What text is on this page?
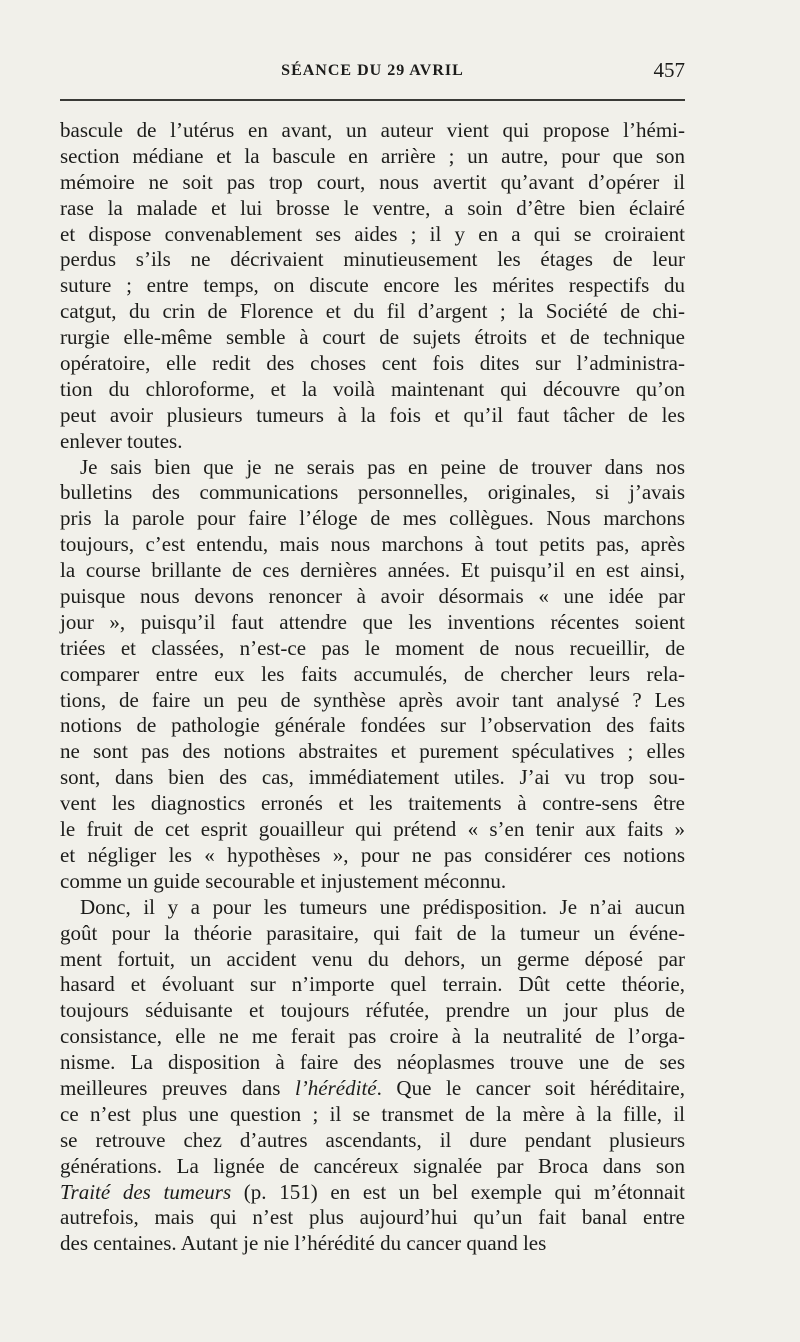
SÉANCE DU 29 AVRIL	457
bascule de l’utérus en avant, un auteur vient qui propose l’hémi-
section médiane et la bascule en arrière ; un autre, pour que son
mémoire ne soit pas trop court, nous avertit qu’avant d’opérer il
rase la malade et lui brosse le ventre, a soin d’être bien éclairé
et dispose convenablement ses aides ; il y en a qui se croiraient
perdus s’ils ne décrivaient minutieusement les étages de leur
suture ; entre temps, on discute encore les mérites respectifs du
catgut, du crin de Florence et du fil d’argent ; la Société de chi-
rurgie elle-même semble à court de sujets étroits et de technique
opératoire, elle redit des choses cent fois dites sur l’administra-
tion du chloroforme, et la voilà maintenant qui découvre qu’on
peut avoir plusieurs tumeurs à la fois et qu’il faut tâcher de les
enlever toutes.
Je sais bien que je ne serais pas en peine de trouver dans nos
bulletins des communications personnelles, originales, si j’avais
pris la parole pour faire l’éloge de mes collègues. Nous marchons
toujours, c’est entendu, mais nous marchons à tout petits pas, après
la course brillante de ces dernières années. Et puisqu’il en est ainsi,
puisque nous devons renoncer à avoir désormais « une idée par
jour », puisqu’il faut attendre que les inventions récentes soient
triées et classées, n’est-ce pas le moment de nous recueillir, de
comparer entre eux les faits accumulés, de chercher leurs rela-
tions, de faire un peu de synthèse après avoir tant analysé ? Les
notions de pathologie générale fondées sur l’observation des faits
ne sont pas des notions abstraites et purement spéculatives ; elles
sont, dans bien des cas, immédiatement utiles. J’ai vu trop sou-
vent les diagnostics erronés et les traitements à contre-sens être
le fruit de cet esprit gouailleur qui prétend « s’en tenir aux faits »
et négliger les « hypothèses », pour ne pas considérer ces notions
comme un guide secourable et injustement méconnu.
Donc, il y a pour les tumeurs une prédisposition. Je n’ai aucun
goût pour la théorie parasitaire, qui fait de la tumeur un événe-
ment fortuit, un accident venu du dehors, un germe déposé par
hasard et évoluant sur n’importe quel terrain. Dût cette théorie,
toujours séduisante et toujours réfutée, prendre un jour plus de
consistance, elle ne me ferait pas croire à la neutralité de l’orga-
nisme. La disposition à faire des néoplasmes trouve une de ses
meilleures preuves dans l’hérédité. Que le cancer soit héréditaire,
ce n’est plus une question ; il se transmet de la mère à la fille, il
se retrouve chez d’autres ascendants, il dure pendant plusieurs
générations. La lignée de cancéreux signalée par Broca dans son
Traité des tumeurs (p. 151) en est un bel exemple qui m’étonnait
autrefois, mais qui n’est plus aujourd’hui qu’un fait banal entre
des centaines. Autant je nie l’hérédité du cancer quand les
